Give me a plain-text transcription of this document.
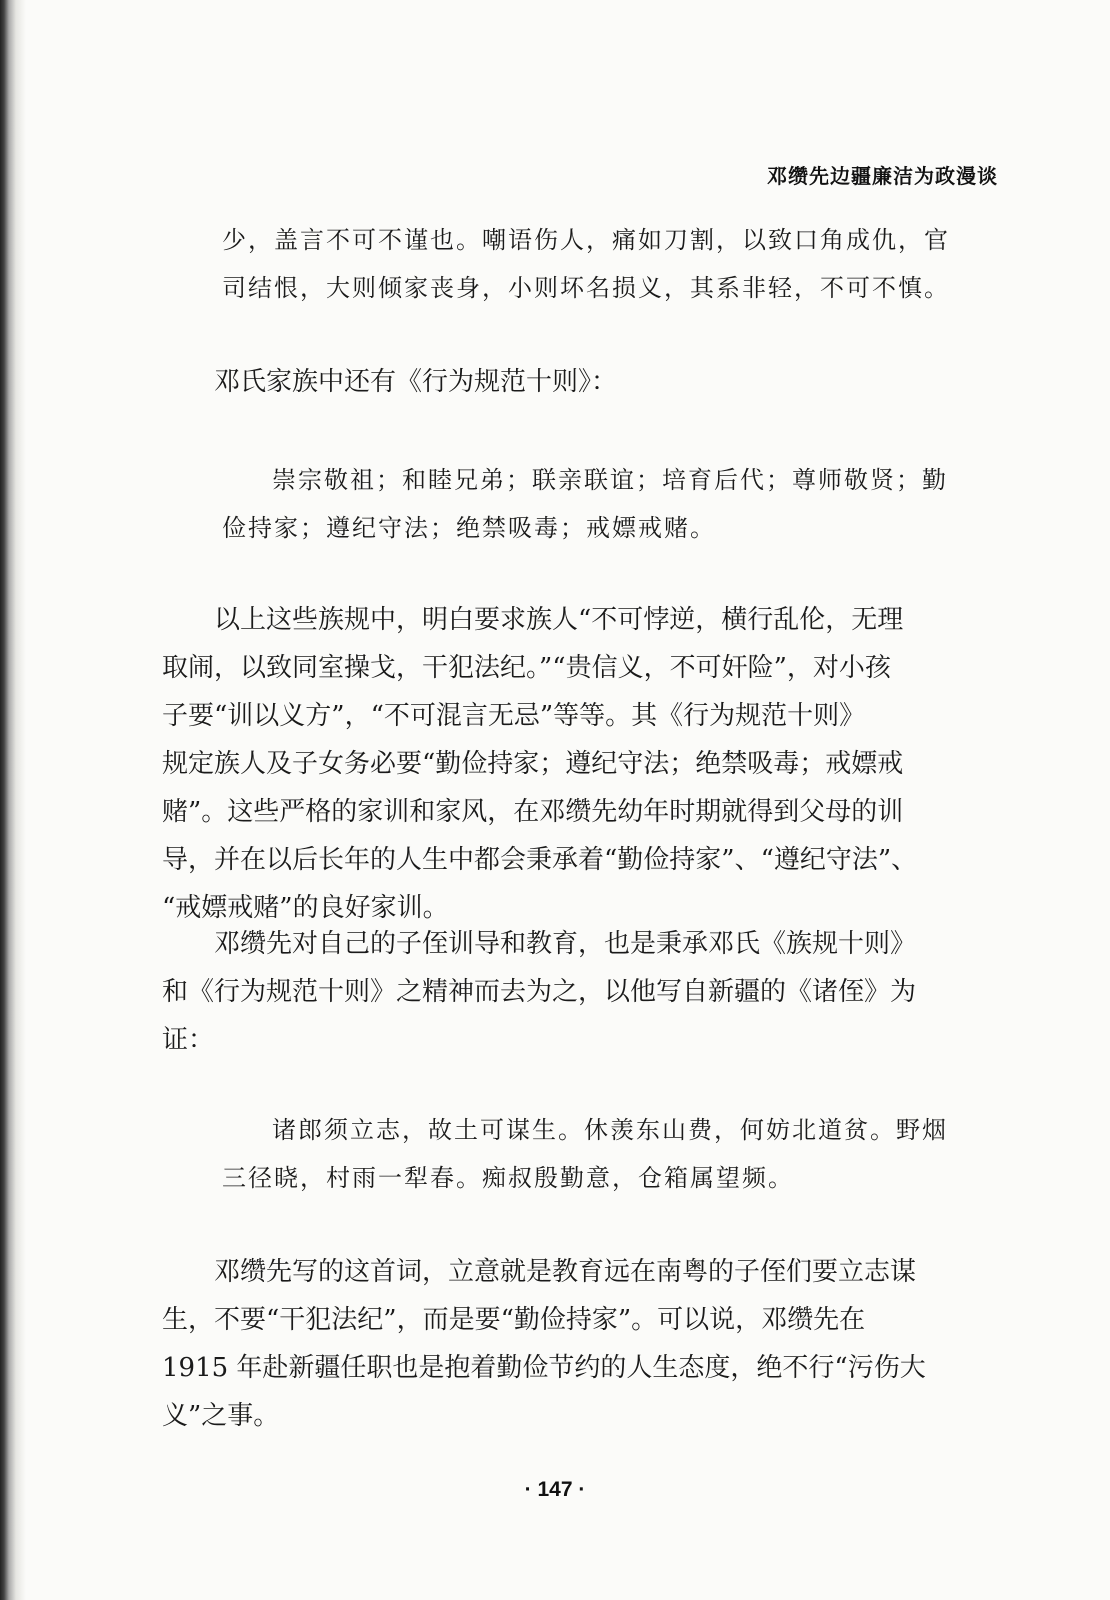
邓缵先边疆廉洁为政漫谈
少，盖言不可不谨也。嘲语伤人，痛如刀割，以致口角成仇，官
司结恨，大则倾家丧身，小则坏名损义，其系非轻，不可不慎。
邓氏家族中还有《行为规范十则》：
崇宗敬祖；和睦兄弟；联亲联谊；培育后代；尊师敬贤；勤
俭持家；遵纪守法；绝禁吸毒；戒嫖戒赌。
以上这些族规中，明白要求族人“不可悖逆，横行乱伦，无理
取闹，以致同室操戈，干犯法纪。”“贵信义，不可奸险”，对小孩
子要“训以义方”，“不可混言无忌”等等。其《行为规范十则》
规定族人及子女务必要“勤俭持家；遵纪守法；绝禁吸毒；戒嫖戒
赌”。这些严格的家训和家风，在邓缵先幼年时期就得到父母的训
导，并在以后长年的人生中都会秉承着“勤俭持家”、“遵纪守法”、
“戒嫖戒赌”的良好家训。
邓缵先对自己的子侄训导和教育，也是秉承邓氏《族规十则》
和《行为规范十则》之精神而去为之，以他写自新疆的《诸侄》为
证：
诸郎须立志，故土可谋生。休羡东山费，何妨北道贫。野烟
三径晓，村雨一犁春。痴叔殷勤意，仓箱属望频。
邓缵先写的这首词，立意就是教育远在南粤的子侄们要立志谋
生，不要“干犯法纪”，而是要“勤俭持家”。可以说，邓缵先在
1915 年赴新疆任职也是抱着勤俭节约的人生态度，绝不行“污伤大
义”之事。
· 147 ·
